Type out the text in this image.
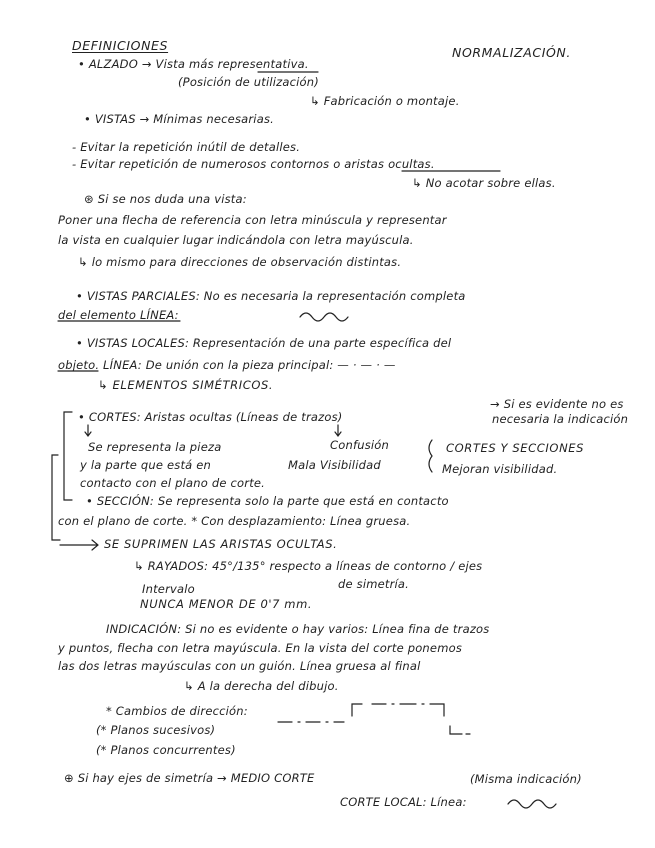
DEFINICIONES	NORMALIZACIÓN.
• ALZADO → Vista más representativa.
(Posición de utilización)
↳ Fabricación o montaje.
• VISTAS → Mínimas necesarias.
- Evitar la repetición inútil de detalles.
- Evitar repetición de numerosos contornos o aristas ocultas.
↳ No acotar sobre ellas.
⊛ Si se nos duda una vista:
Poner una flecha de referencia con letra minúscula y representar
la vista en cualquier lugar indicándola con letra mayúscula.
↳ lo mismo para direcciones de observación distintas.
• VISTAS PARCIALES: No es necesaria la representación completa
del elemento LÍNEA:
• VISTAS LOCALES: Representación de una parte específica del
objeto. LÍNEA: De unión con la pieza principal: — · — · —
↳ ELEMENTOS SIMÉTRICOS.
• CORTES: Aristas ocultas (Líneas de trazos)
→ Si es evidente no es
necesaria la indicación
Se representa la pieza	Confusión
y la parte que está en	Mala Visibilidad
contacto con el plano de corte.
CORTES Y SECCIONES
Mejoran visibilidad.
• SECCIÓN: Se representa solo la parte que está en contacto
con el plano de corte. * Con desplazamiento: Línea gruesa.
SE SUPRIMEN LAS ARISTAS OCULTAS.
↳ RAYADOS: 45°/135° respecto a líneas de contorno / ejes
de simetría.
Intervalo
NUNCA MENOR DE 0'7 mm.
INDICACIÓN: Si no es evidente o hay varios: Línea fina de trazos
y puntos, flecha con letra mayúscula. En la vista del corte ponemos
las dos letras mayúsculas con un guión. Línea gruesa al final
↳ A la derecha del dibujo.
* Cambios de dirección:
(* Planos sucesivos)
(* Planos concurrentes)
⊕ Si hay ejes de simetría → MEDIO CORTE	(Misma indicación)
CORTE LOCAL: Línea:
